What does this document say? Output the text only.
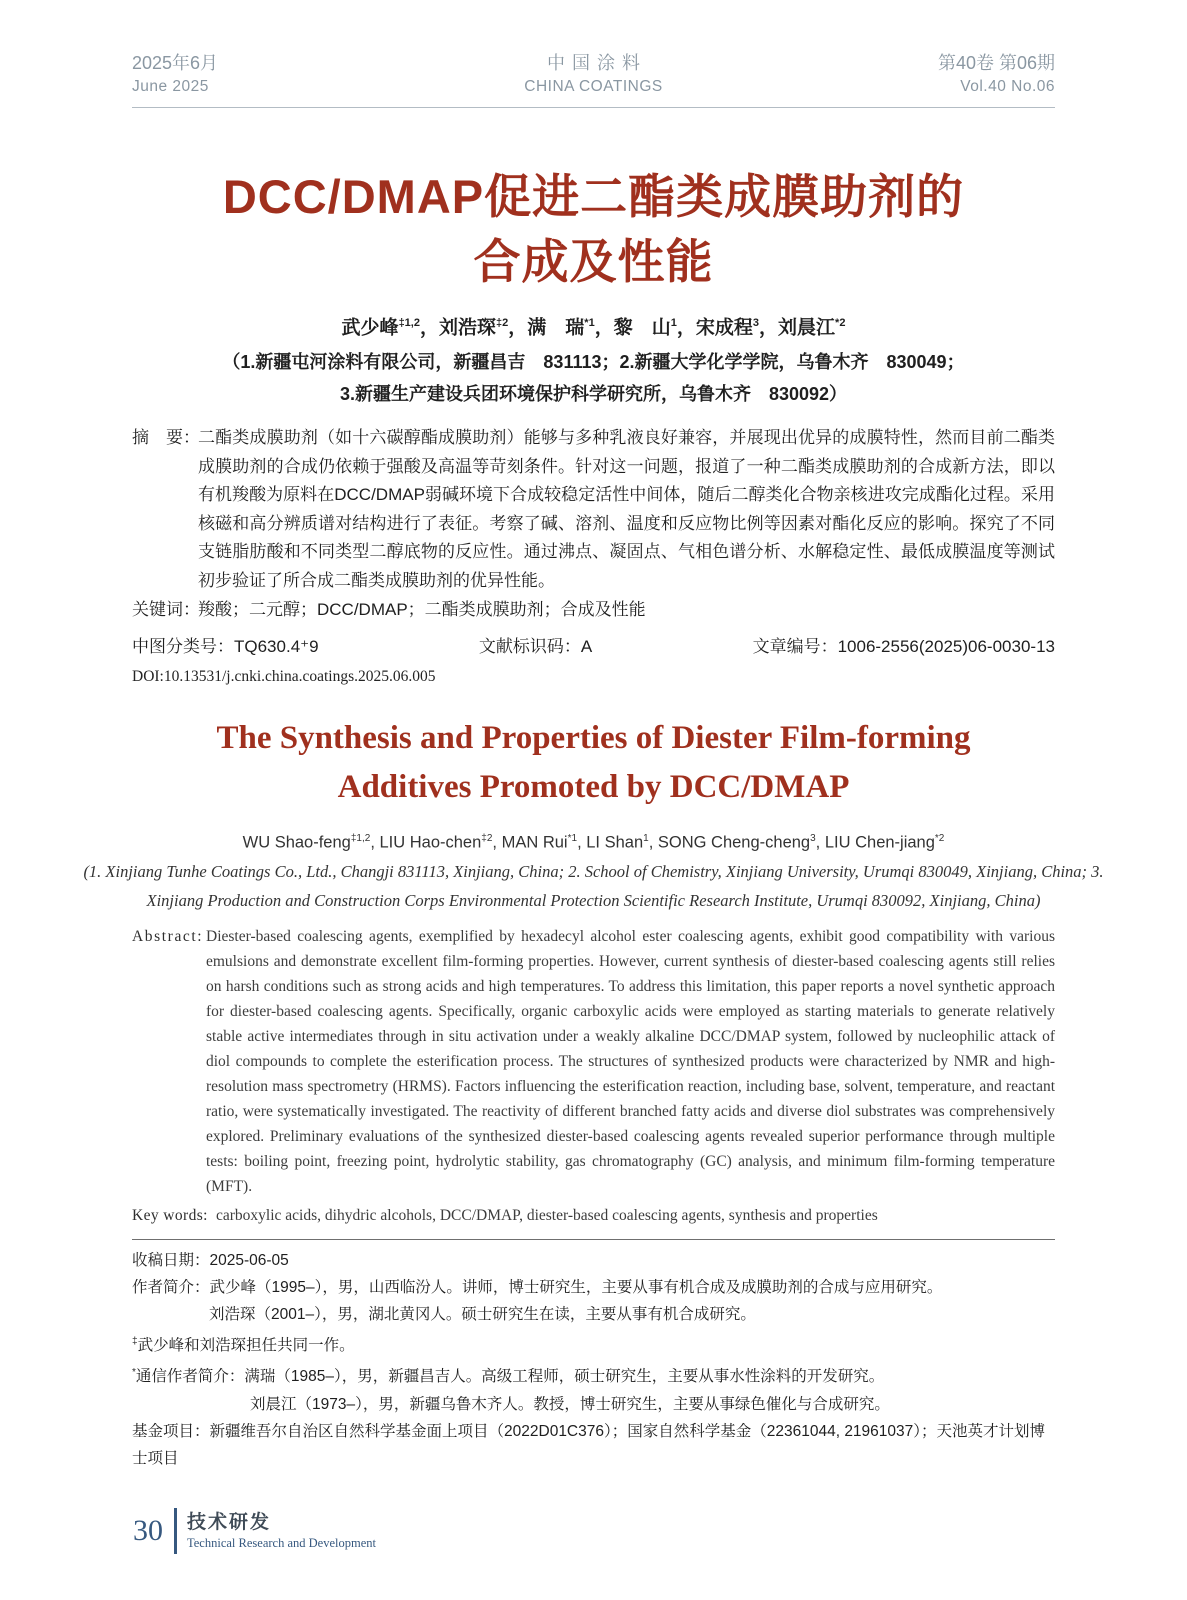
2025年6月
June 2025
中国涂料
CHINA COATINGS
第40卷 第06期
Vol.40 No.06
DCC/DMAP促进二酯类成膜助剂的
合成及性能
武少峰$^{\ddagger 1,2}$，刘浩琛$^{\ddagger 2}$，满　瑞$^{*1}$，黎　山$^1$，宋成程$^3$，刘晨江$^{*2}$
（1.新疆屯河涂料有限公司，新疆昌吉　831113；2.新疆大学化学学院，乌鲁木齐　830049；
3.新疆生产建设兵团环境保护科学研究所，乌鲁木齐　830092）
摘　要：
二酯类成膜助剂（如十六碳醇酯成膜助剂）能够与多种乳液良好兼容，并展现出优异的成膜特性，然而目前二酯类成膜助剂的合成仍依赖于强酸及高温等苛刻条件。针对这一问题，报道了一种二酯类成膜助剂的合成新方法，即以有机羧酸为原料在DCC/DMAP弱碱环境下合成较稳定活性中间体，随后二醇类化合物亲核进攻完成酯化过程。采用核磁和高分辨质谱对结构进行了表征。考察了碱、溶剂、温度和反应物比例等因素对酯化反应的影响。探究了不同支链脂肪酸和不同类型二醇底物的反应性。通过沸点、凝固点、气相色谱分析、水解稳定性、最低成膜温度等测试初步验证了所合成二酯类成膜助剂的优异性能。
关键词：
羧酸；二元醇；DCC/DMAP；二酯类成膜助剂；合成及性能
中图分类号：TQ630.4⁺9	文献标识码：A	文章编号：1006-2556(2025)06-0030-13
DOI:10.13531/j.cnki.china.coatings.2025.06.005
The Synthesis and Properties of Diester Film-forming
Additives Promoted by DCC/DMAP
WU Shao-feng$^{\ddagger 1,2}$, LIU Hao-chen$^{\ddagger 2}$, MAN Rui$^{*1}$, LI Shan$^1$, SONG Cheng-cheng$^3$, LIU Chen-jiang$^{*2}$

(1. Xinjiang Tunhe Coatings Co., Ltd., Changji 831113, Xinjiang, China; 2. School of Chemistry, Xinjiang University, Urumqi 830049, Xinjiang, China; 3. Xinjiang Production and Construction Corps Environmental Protection Scientific Research Institute, Urumqi 830092, Xinjiang, China)

Abstract: Diester-based coalescing agents, exemplified by hexadecyl alcohol ester coalescing agents, exhibit good compatibility with various emulsions and demonstrate excellent film-forming properties. However, current synthesis of diester-based coalescing agents still relies on harsh conditions such as strong acids and high temperatures. To address this limitation, this paper reports a novel synthetic approach for diester-based coalescing agents. Specifically, organic carboxylic acids were employed as starting materials to generate relatively stable active intermediates through in situ activation under a weakly alkaline DCC/DMAP system, followed by nucleophilic attack of diol compounds to complete the esterification process. The structures of synthesized products were characterized by NMR and high-resolution mass spectrometry (HRMS). Factors influencing the esterification reaction, including base, solvent, temperature, and reactant ratio, were systematically investigated. The reactivity of different branched fatty acids and diverse diol substrates was comprehensively explored. Preliminary evaluations of the synthesized diester-based coalescing agents revealed superior performance through multiple tests: boiling point, freezing point, hydrolytic stability, gas chromatography (GC) analysis, and minimum film-forming temperature (MFT).
Key words: carboxylic acids, dihydric alcohols, DCC/DMAP, diester-based coalescing agents, synthesis and properties
收稿日期：2025-06-05
作者简介：武少峰（1995–），男，山西临汾人。讲师，博士研究生，主要从事有机合成及成膜助剂的合成与应用研究。
刘浩琛（2001–），男，湖北黄冈人。硕士研究生在读，主要从事有机合成研究。
‡武少峰和刘浩琛担任共同一作。
*通信作者简介：满瑞（1985–），男，新疆昌吉人。高级工程师，硕士研究生，主要从事水性涂料的开发研究。
刘晨江（1973–），男，新疆乌鲁木齐人。教授，博士研究生，主要从事绿色催化与合成研究。
基金项目：新疆维吾尔自治区自然科学基金面上项目（2022D01C376）；国家自然科学基金（22361044, 21961037）；天池英才计划博士项目
30 技术研发
Technical Research and Development
